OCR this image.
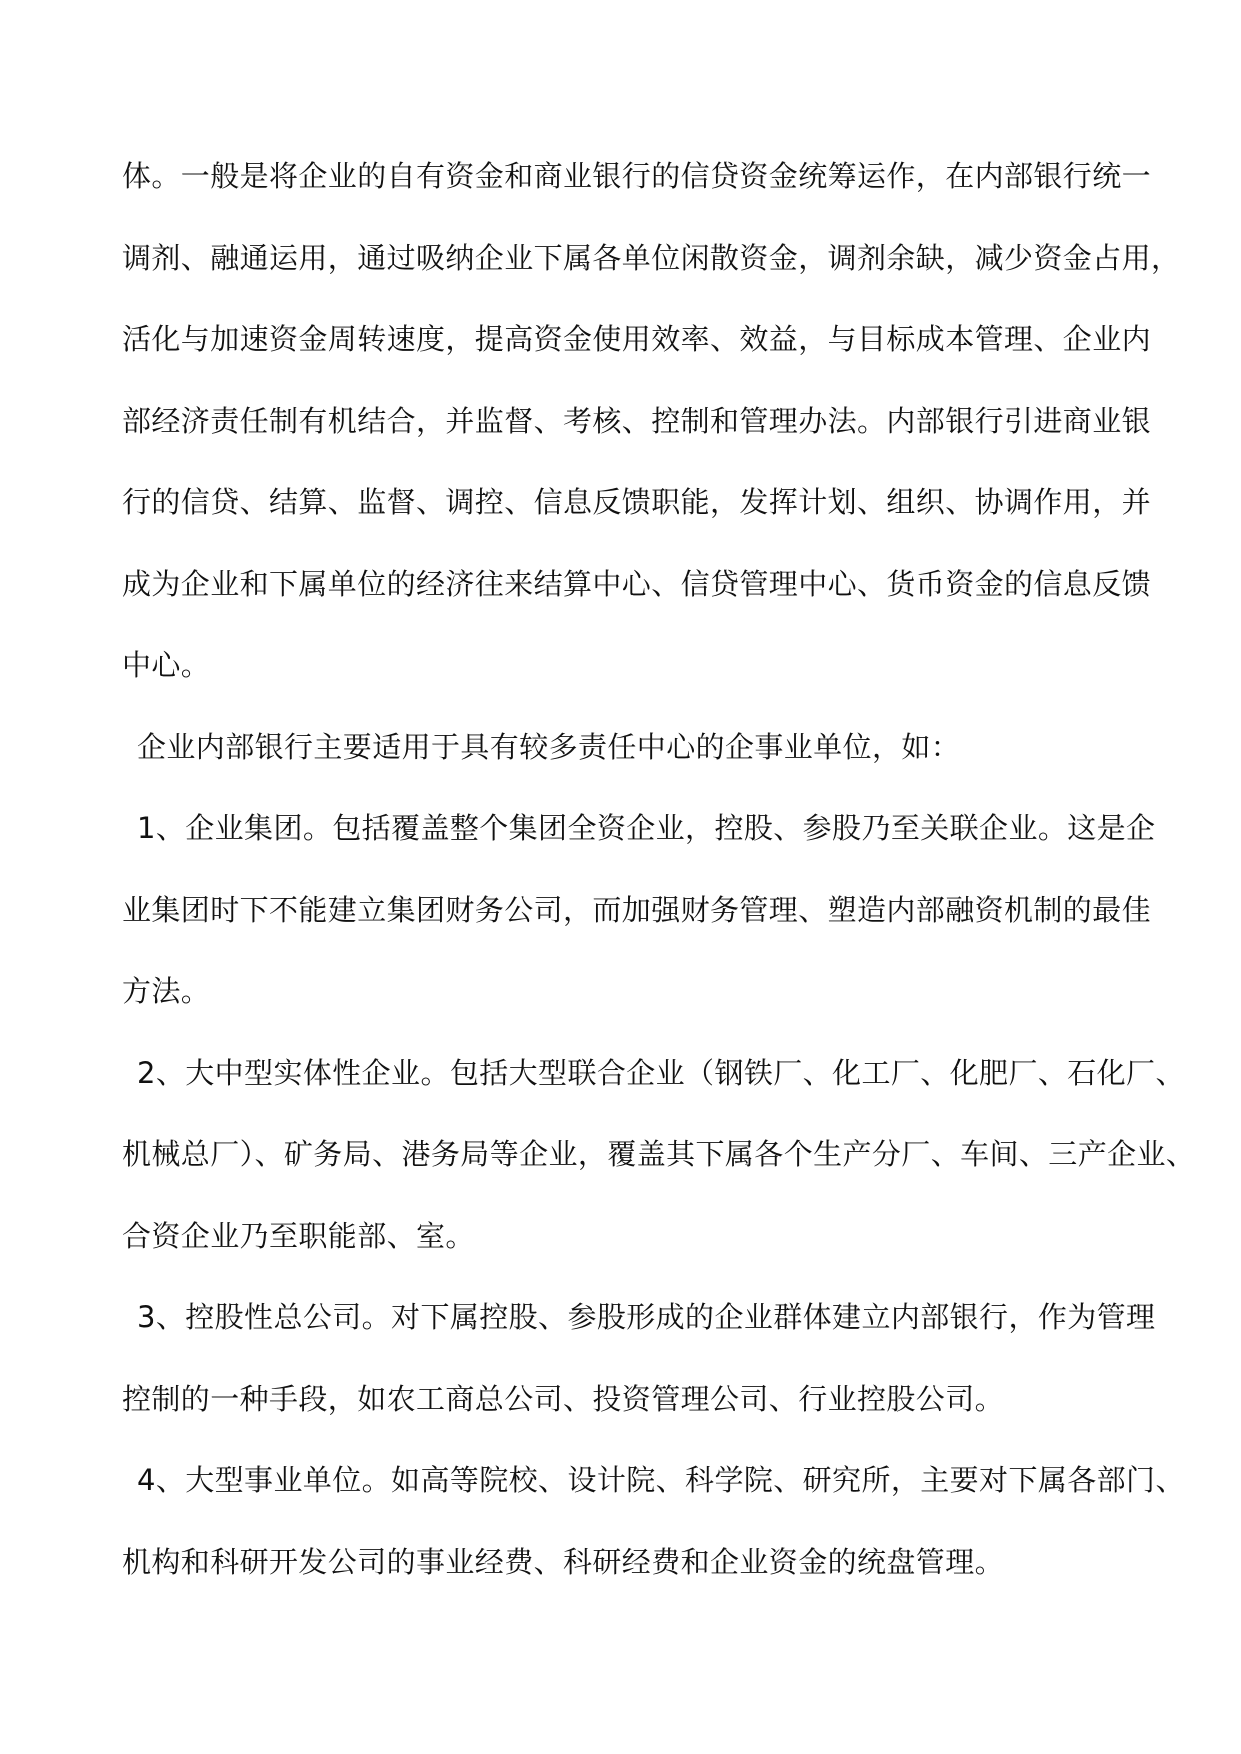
体。一般是将企业的自有资金和商业银行的信贷资金统筹运作，在内部银行统一
调剂、融通运用，通过吸纳企业下属各单位闲散资金，调剂余缺，减少资金占用，
活化与加速资金周转速度，提高资金使用效率、效益，与目标成本管理、企业内
部经济责任制有机结合，并监督、考核、控制和管理办法。内部银行引进商业银
行的信贷、结算、监督、调控、信息反馈职能，发挥计划、组织、协调作用，并
成为企业和下属单位的经济往来结算中心、信贷管理中心、货币资金的信息反馈
中心。
企业内部银行主要适用于具有较多责任中心的企事业单位，如：
1、企业集团。包括覆盖整个集团全资企业，控股、参股乃至关联企业。这是企
业集团时下不能建立集团财务公司，而加强财务管理、塑造内部融资机制的最佳
方法。
2、大中型实体性企业。包括大型联合企业（钢铁厂、化工厂、化肥厂、石化厂、
机械总厂）、矿务局、港务局等企业，覆盖其下属各个生产分厂、车间、三产企业、
合资企业乃至职能部、室。
3、控股性总公司。对下属控股、参股形成的企业群体建立内部银行，作为管理
控制的一种手段，如农工商总公司、投资管理公司、行业控股公司。
4、大型事业单位。如高等院校、设计院、科学院、研究所，主要对下属各部门、
机构和科研开发公司的事业经费、科研经费和企业资金的统盘管理。
